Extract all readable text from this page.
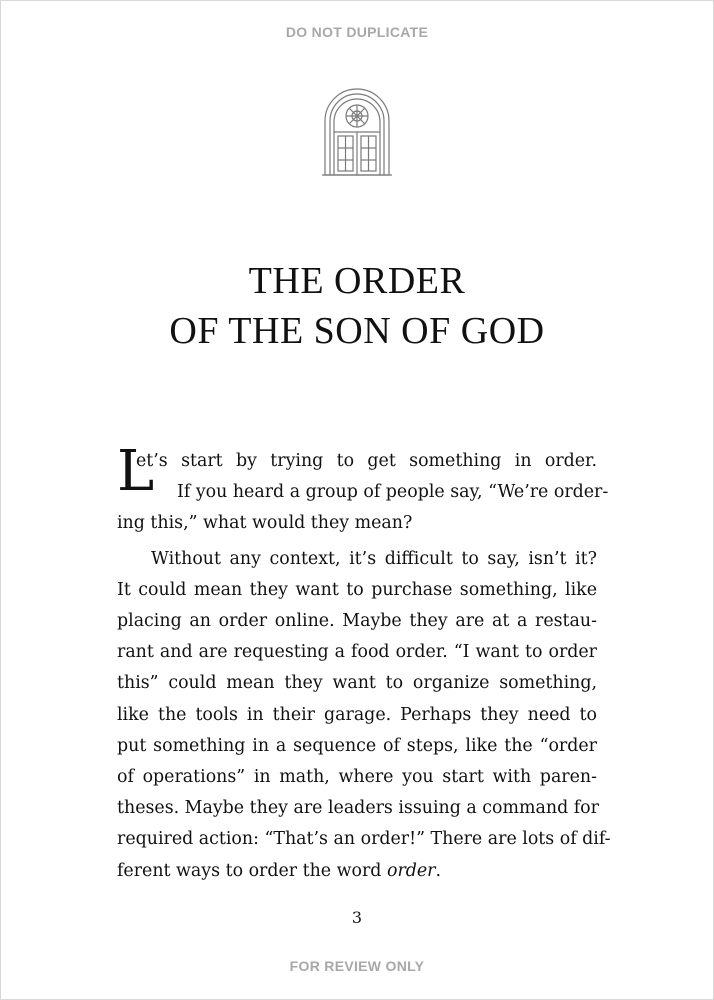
DO NOT DUPLICATE
THE ORDER
OF THE SON OF GOD
L
et’s start by trying to get something in order.
If you heard a group of people say, “We’re order-
ing this,” what would they mean?
Without any context, it’s difficult to say, isn’t it?
It could mean they want to purchase something, like
placing an order online. Maybe they are at a restau-
rant and are requesting a food order. “I want to order
this” could mean they want to organize something,
like the tools in their garage. Perhaps they need to
put something in a sequence of steps, like the “order
of operations” in math, where you start with paren-
theses. Maybe they are leaders issuing a command for
required action: “That’s an order!” There are lots of dif-
ferent ways to order the word order.
3
FOR REVIEW ONLY
